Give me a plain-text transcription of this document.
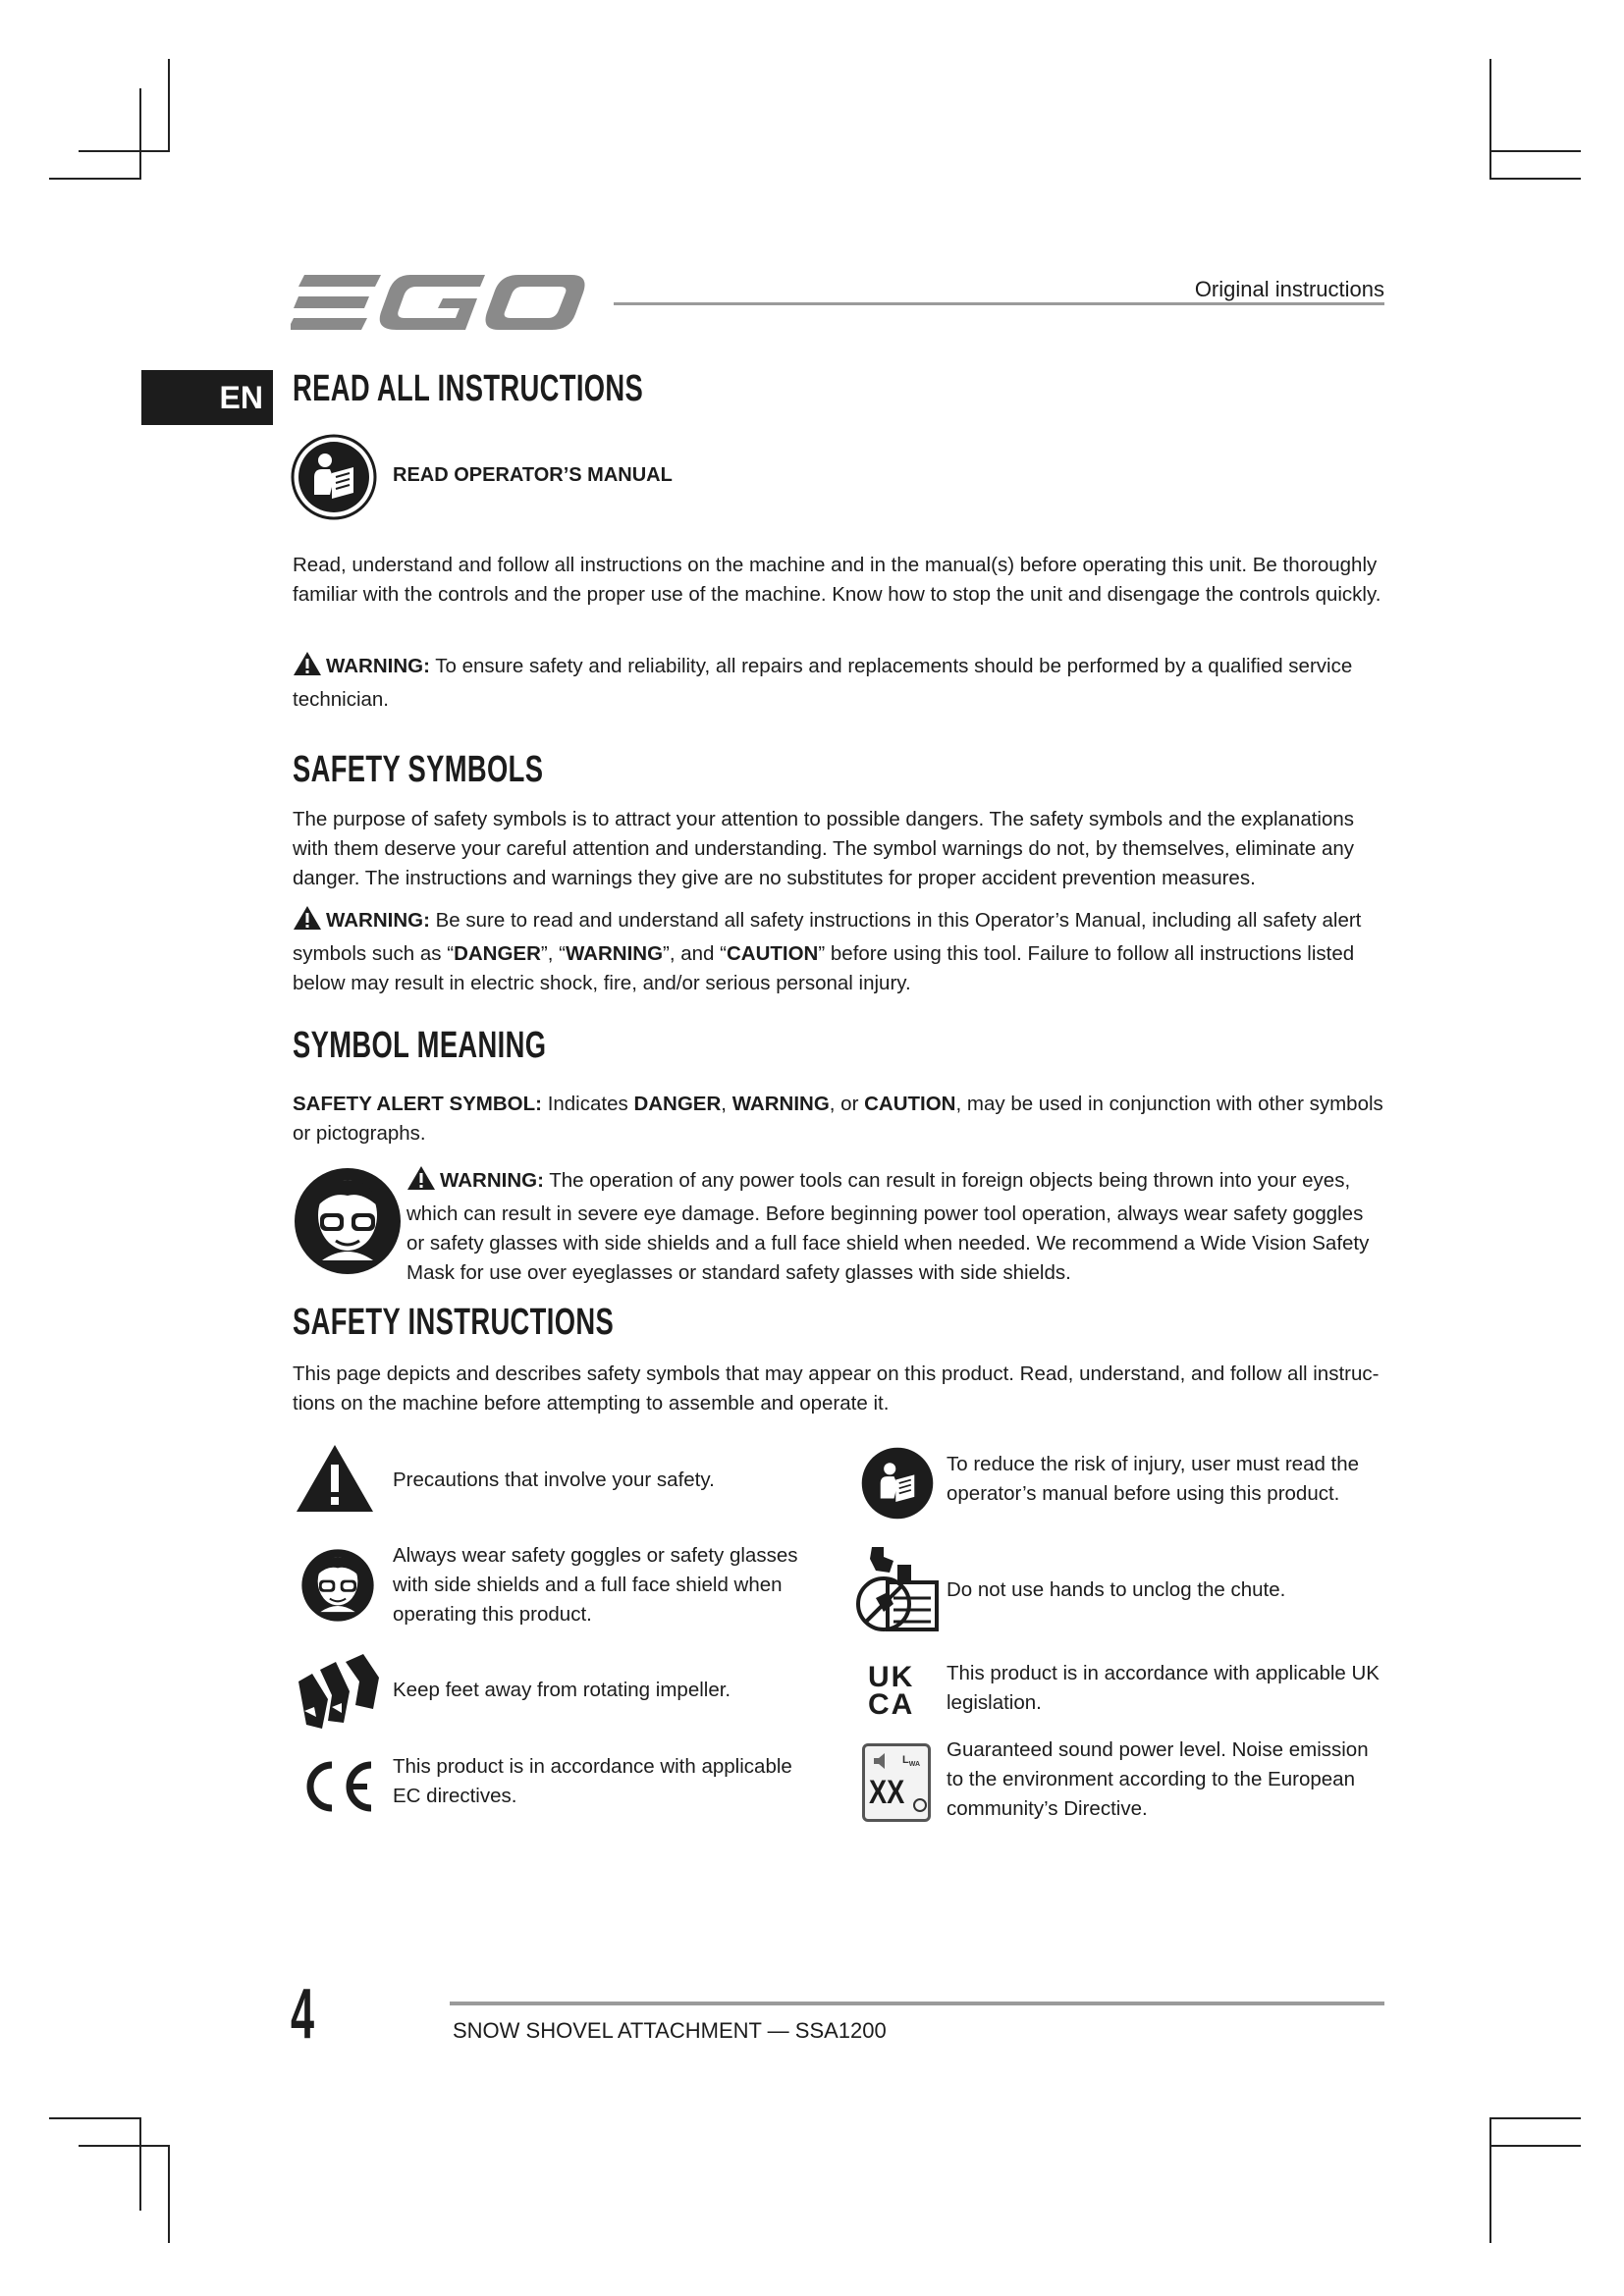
Original instructions
EN READ ALL INSTRUCTIONS
READ OPERATOR’S MANUAL
Read, understand and follow all instructions on the machine and in the manual(s) before operating this unit. Be thoroughly familiar with the controls and the proper use of the machine. Know how to stop the unit and disengage the controls quickly.
WARNING: To ensure safety and reliability, all repairs and replacements should be performed by a qualified service technician.
SAFETY SYMBOLS
The purpose of safety symbols is to attract your attention to possible dangers. The safety symbols and the explanations with them deserve your careful attention and understanding. The symbol warnings do not, by themselves, eliminate any danger. The instructions and warnings they give are no substitutes for proper accident prevention measures.
WARNING: Be sure to read and understand all safety instructions in this Operator’s Manual, including all safety alert symbols such as “DANGER”, “WARNING”, and “CAUTION” before using this tool. Failure to follow all instructions listed below may result in electric shock, fire, and/or serious personal injury.
SYMBOL MEANING
SAFETY ALERT SYMBOL: Indicates DANGER, WARNING, or CAUTION, may be used in conjunction with other symbols or pictographs.
WARNING: The operation of any power tools can result in foreign objects being thrown into your eyes, which can result in severe eye damage. Before beginning power tool operation, always wear safety goggles or safety glasses with side shields and a full face shield when needed. We recommend a Wide Vision Safety Mask for use over eyeglasses or standard safety glasses with side shields.
SAFETY INSTRUCTIONS
This page depicts and describes safety symbols that may appear on this product. Read, understand, and follow all instruc-tions on the machine before attempting to assemble and operate it.
Precautions that involve your safety.
Always wear safety goggles or safety glasses with side shields and a full face shield when operating this product.
Keep feet away from rotating impeller.
This product is in accordance with applicable EC directives.
To reduce the risk of injury, user must read the operator’s manual before using this product.
Do not use hands to unclog the chute.
UK
CA
This product is in accordance with applicable UK legislation.
$L_{WA}$
XX
Guaranteed sound power level. Noise emission to the environment according to the European community’s Directive.
4	SNOW SHOVEL ATTACHMENT — SSA1200
